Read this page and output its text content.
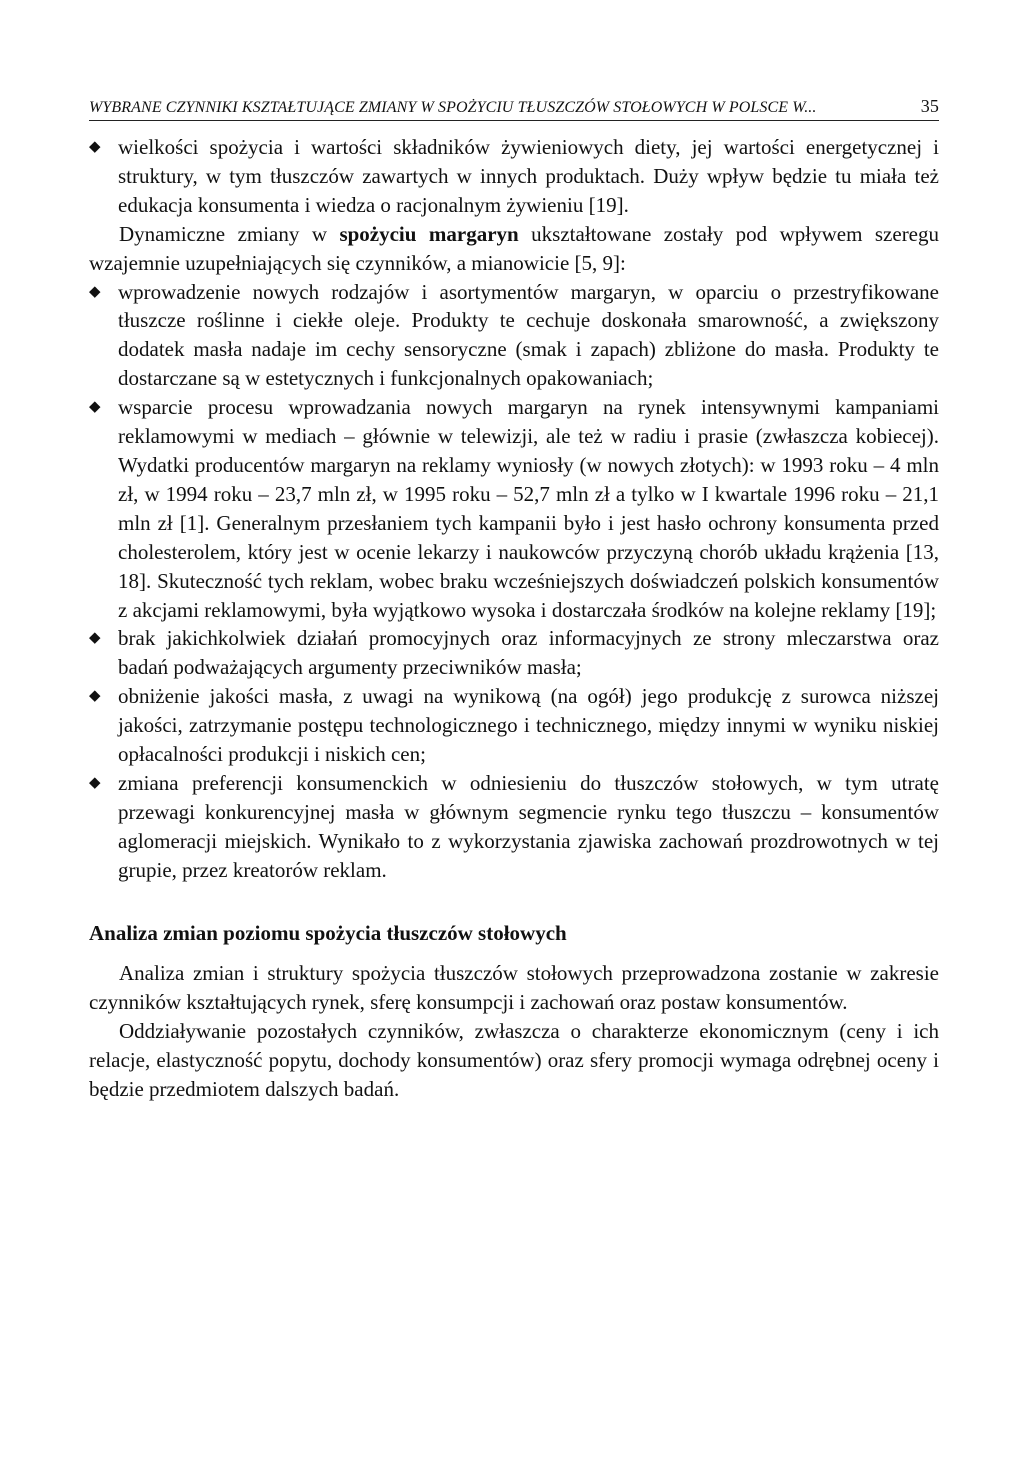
WYBRANE CZYNNIKI KSZTAŁTUJĄCE ZMIANY W SPOŻYCIU TŁUSZCZÓW STOŁOWYCH W POLSCE W...	35
◆ wielkości spożycia i wartości składników żywieniowych diety, jej wartości energetycznej i struktury, w tym tłuszczów zawartych w innych produktach. Duży wpływ będzie tu miała też edukacja konsumenta i wiedza o racjonalnym żywieniu [19].

Dynamiczne zmiany w spożyciu margaryn ukształtowane zostały pod wpływem szeregu wzajemnie uzupełniających się czynników, a mianowicie [5, 9]:

◆ wprowadzenie nowych rodzajów i asortymentów margaryn, w oparciu o przestryfikowane tłuszcze roślinne i ciekłe oleje. Produkty te cechuje doskonała smarowność, a zwiększony dodatek masła nadaje im cechy sensoryczne (smak i zapach) zbliżone do masła. Produkty te dostarczane są w estetycznych i funkcjonalnych opakowaniach;
◆ wsparcie procesu wprowadzania nowych margaryn na rynek intensywnymi kampaniami reklamowymi w mediach – głównie w telewizji, ale też w radiu i prasie (zwłaszcza kobiecej). Wydatki producentów margaryn na reklamy wyniosły (w nowych złotych): w 1993 roku – 4 mln zł, w 1994 roku – 23,7 mln zł, w 1995 roku – 52,7 mln zł a tylko w I kwartale 1996 roku – 21,1 mln zł [1]. Generalnym przesłaniem tych kampanii było i jest hasło ochrony konsumenta przed cholesterolem, który jest w ocenie lekarzy i naukowców przyczyną chorób układu krążenia [13, 18]. Skuteczność tych reklam, wobec braku wcześniejszych doświadczeń polskich konsumentów z akcjami reklamowymi, była wyjątkowo wysoka i dostarczała środków na kolejne reklamy [19];
◆ brak jakichkolwiek działań promocyjnych oraz informacyjnych ze strony mleczarstwa oraz badań podważających argumenty przeciwników masła;
◆ obniżenie jakości masła, z uwagi na wynikową (na ogół) jego produkcję z surowca niższej jakości, zatrzymanie postępu technologicznego i technicznego, między innymi w wyniku niskiej opłacalności produkcji i niskich cen;
◆ zmiana preferencji konsumenckich w odniesieniu do tłuszczów stołowych, w tym utratę przewagi konkurencyjnej masła w głównym segmencie rynku tego tłuszczu – konsumentów aglomeracji miejskich. Wynikało to z wykorzystania zjawiska zachowań prozdrowotnych w tej grupie, przez kreatorów reklam.
Analiza zmian poziomu spożycia tłuszczów stołowych

Analiza zmian i struktury spożycia tłuszczów stołowych przeprowadzona zostanie w zakresie czynników kształtujących rynek, sferę konsumpcji i zachowań oraz postaw konsumentów.

Oddziaływanie pozostałych czynników, zwłaszcza o charakterze ekonomicznym (ceny i ich relacje, elastyczność popytu, dochody konsumentów) oraz sfery promocji wymaga odrębnej oceny i będzie przedmiotem dalszych badań.
